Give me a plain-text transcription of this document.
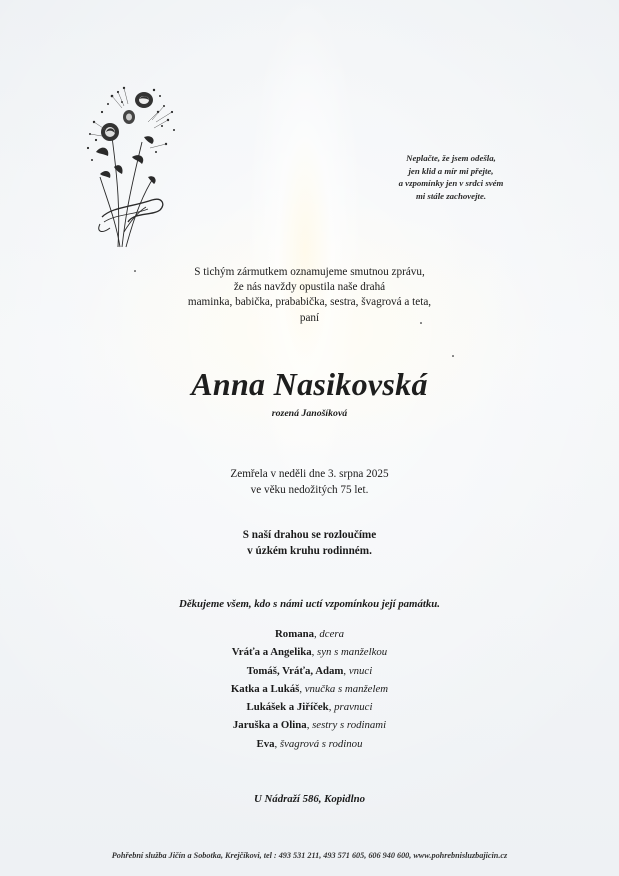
Neplačte, že jsem odešla,
jen klid a mír mi přejte,
a vzpomínky jen v srdci svém
mi stále zachovejte.
S tichým zármutkem oznamujeme smutnou zprávu,
že nás navždy opustila naše drahá
maminka, babička, prababička, sestra, švagrová a teta,
paní
Anna Nasikovská
rozená Janošíková
Zemřela v neděli dne 3. srpna 2025
ve věku nedožitých 75 let.
S naší drahou se rozloučíme
v úzkém kruhu rodinném.
Děkujeme všem, kdo s námi uctí vzpomínkou její památku.
Romana, dcera
Vráťa a Angelika, syn s manželkou
Tomáš, Vráťa, Adam, vnuci
Katka a Lukáš, vnučka s manželem
Lukášek a Jiříček, pravnuci
Jaruška a Olina, sestry s rodinami
Eva, švagrová s rodinou
U Nádraží 586, Kopidlno
Pohřební služba Jičín a Sobotka, Krejčíkovi, tel : 493 531 211, 493 571 605, 606 940 600, www.pohrebnisluzbajicin.cz
